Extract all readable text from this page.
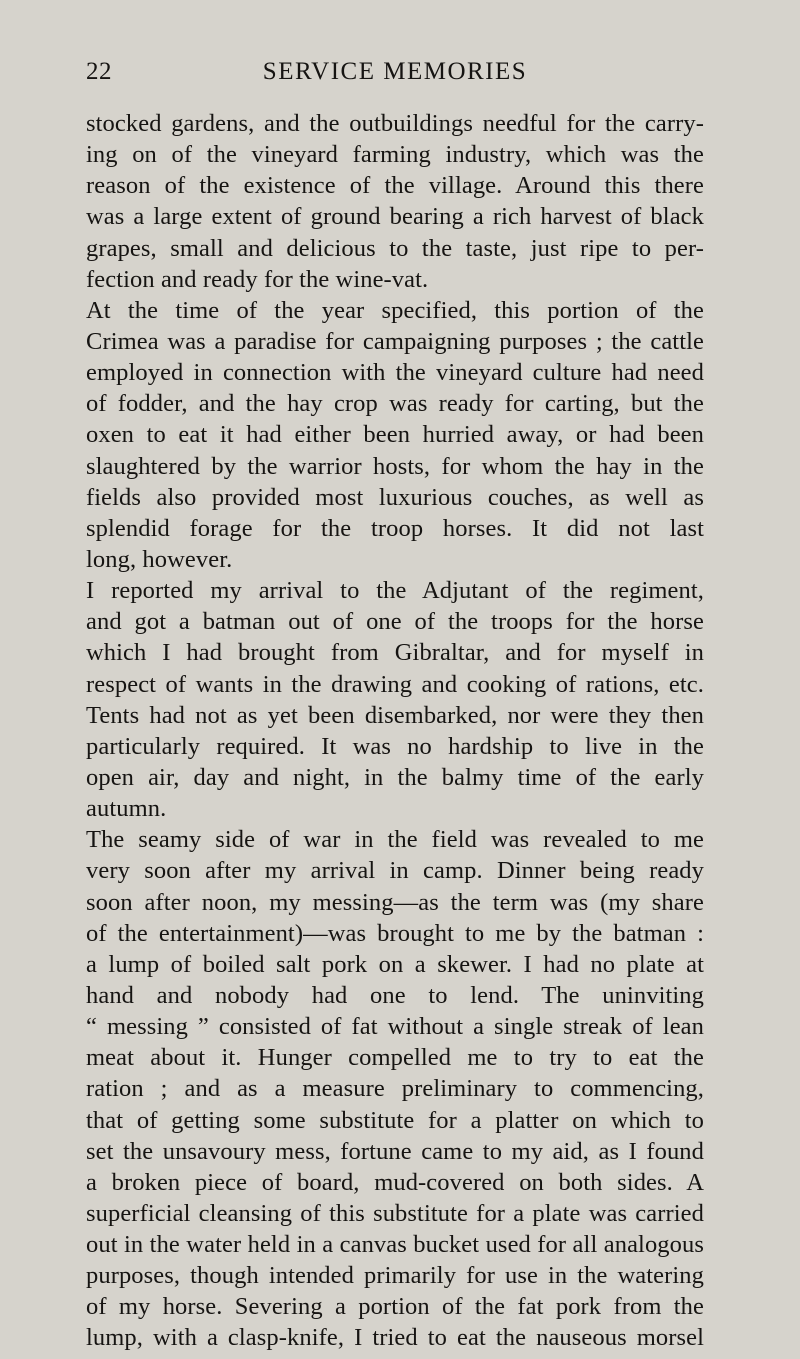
22	SERVICE MEMORIES
stocked gardens, and the outbuildings needful for the carry-
ing on of the vineyard farming industry, which was the
reason of the existence of the village. Around this there
was a large extent of ground bearing a rich harvest of black
grapes, small and delicious to the taste, just ripe to per-
fection and ready for the wine-vat.
At the time of the year specified, this portion of the
Crimea was a paradise for campaigning purposes ; the cattle
employed in connection with the vineyard culture had need
of fodder, and the hay crop was ready for carting, but the
oxen to eat it had either been hurried away, or had been
slaughtered by the warrior hosts, for whom the hay in the
fields also provided most luxurious couches, as well as
splendid forage for the troop horses. It did not last
long, however.
I reported my arrival to the Adjutant of the regiment,
and got a batman out of one of the troops for the horse
which I had brought from Gibraltar, and for myself in
respect of wants in the drawing and cooking of rations, etc.
Tents had not as yet been disembarked, nor were they then
particularly required. It was no hardship to live in the
open air, day and night, in the balmy time of the early
autumn.
The seamy side of war in the field was revealed to me
very soon after my arrival in camp. Dinner being ready
soon after noon, my messing—as the term was (my share
of the entertainment)—was brought to me by the batman :
a lump of boiled salt pork on a skewer. I had no plate at
hand and nobody had one to lend. The uninviting
“ messing ” consisted of fat without a single streak of lean
meat about it. Hunger compelled me to try to eat the
ration ; and as a measure preliminary to commencing,
that of getting some substitute for a platter on which to
set the unsavoury mess, fortune came to my aid, as I found
a broken piece of board, mud-covered on both sides. A
superficial cleansing of this substitute for a plate was carried
out in the water held in a canvas bucket used for all analogous
purposes, though intended primarily for use in the watering
of my horse. Severing a portion of the fat pork from the
lump, with a clasp-knife, I tried to eat the nauseous morsel
